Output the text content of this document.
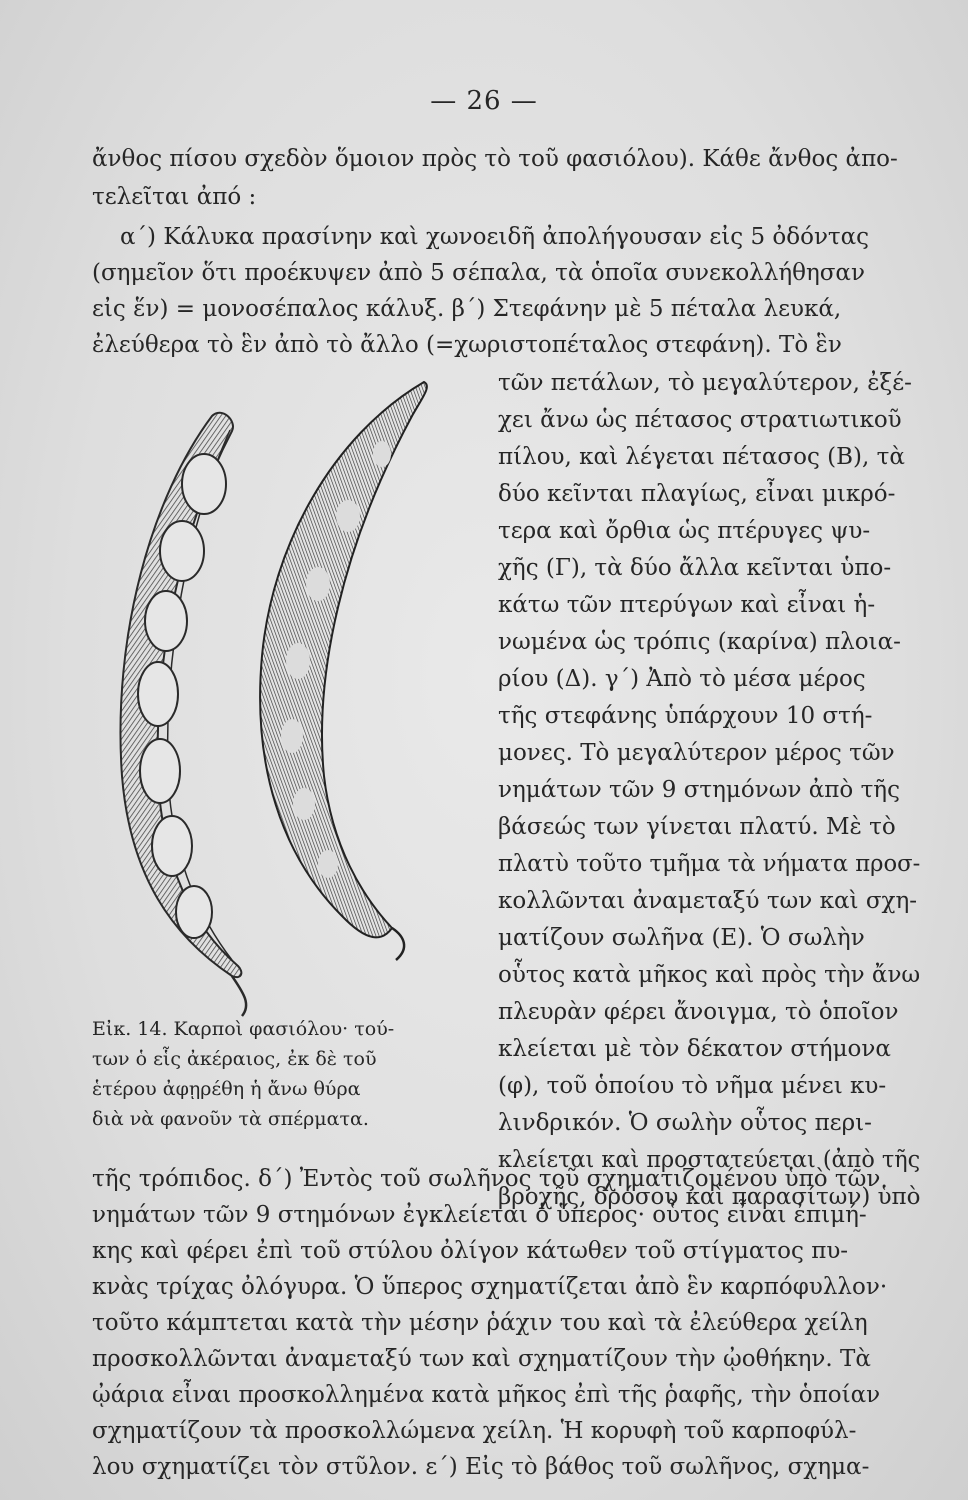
— 26 —
ἄνθος πίσου σχεδὸν ὅμοιον πρὸς τὸ τοῦ φασιόλου). Κάθε ἄνθος ἀπο-
τελεῖται ἀπό :
α΄) Κάλυκα πρασίνην καὶ χωνοειδῆ ἀπολήγουσαν εἰς 5 ὀδόντας
(σημεῖον ὅτι προέκυψεν ἀπὸ 5 σέπαλα, τὰ ὁποῖα συνεκολλήθησαν
εἰς ἕν) = μονοσέπαλος κάλυξ. β΄) Στεφάνην μὲ 5 πέταλα λευκά,
ἐλεύθερα τὸ ἓν ἀπὸ τὸ ἄλλο (=χωριστοπέταλος στεφάνη). Τὸ ἓν
τῶν πετάλων, τὸ μεγαλύτερον, ἐξέ-
χει ἄνω ὡς πέτασος στρατιωτικοῦ
πίλου, καὶ λέγεται πέτασος (Β), τὰ
δύο κεῖνται πλαγίως, εἶναι μικρό-
τερα καὶ ὄρθια ὡς πτέρυγες ψυ-
χῆς (Γ), τὰ δύο ἄλλα κεῖνται ὑπο-
κάτω τῶν πτερύγων καὶ εἶναι ἡ-
νωμένα ὡς τρόπις (καρίνα) πλοια-
ρίου (Δ). γ΄) Ἀπὸ τὸ μέσα μέρος
τῆς στεφάνης ὑπάρχουν 10 στή-
μονες. Τὸ μεγαλύτερον μέρος τῶν
νημάτων τῶν 9 στημόνων ἀπὸ τῆς
βάσεώς των γίνεται πλατύ. Μὲ τὸ
πλατὺ τοῦτο τμῆμα τὰ νήματα προσ-
κολλῶνται ἀναμεταξύ των καὶ σχη-
ματίζουν σωλῆνα (Ε). Ὁ σωλὴν
οὗτος κατὰ μῆκος καὶ πρὸς τὴν ἄνω
πλευρὰν φέρει ἄνοιγμα, τὸ ὁποῖον
κλείεται μὲ τὸν δέκατον στήμονα
(φ), τοῦ ὁποίου τὸ νῆμα μένει κυ-
λινδρικόν. Ὁ σωλὴν οὗτος περι-
κλείεται καὶ προστατεύεται (ἀπὸ τῆς
βροχῆς, δρόσου καὶ παρασίτων) ὑπὸ
Εἰκ. 14. Καρποὶ φασιόλου· τού-
των ὁ εἷς ἀκέραιος, ἐκ δὲ τοῦ
ἑτέρου ἀφῃρέθη ἡ ἄνω θύρα
διὰ νὰ φανοῦν τὰ σπέρματα.
τῆς τρόπιδος. δ΄) Ἐντὸς τοῦ σωλῆνος τοῦ σχηματιζομένου ὑπὸ τῶν
νημάτων τῶν 9 στημόνων ἐγκλείεται ὁ ὕπερος· οὗτος εἶναι ἐπιμή-
κης καὶ φέρει ἐπὶ τοῦ στύλου ὀλίγον κάτωθεν τοῦ στίγματος πυ-
κνὰς τρίχας ὀλόγυρα. Ὁ ὕπερος σχηματίζεται ἀπὸ ἓν καρπόφυλλον·
τοῦτο κάμπτεται κατὰ τὴν μέσην ῥάχιν του καὶ τὰ ἐλεύθερα χείλη
προσκολλῶνται ἀναμεταξύ των καὶ σχηματίζουν τὴν ᾠοθήκην. Τὰ
ᾠάρια εἶναι προσκολλημένα κατὰ μῆκος ἐπὶ τῆς ῥαφῆς, τὴν ὁποίαν
σχηματίζουν τὰ προσκολλώμενα χείλη. Ἡ κορυφὴ τοῦ καρποφύλ-
λου σχηματίζει τὸν στῦλον. ε΄) Εἰς τὸ βάθος τοῦ σωλῆνος, σχημα-
